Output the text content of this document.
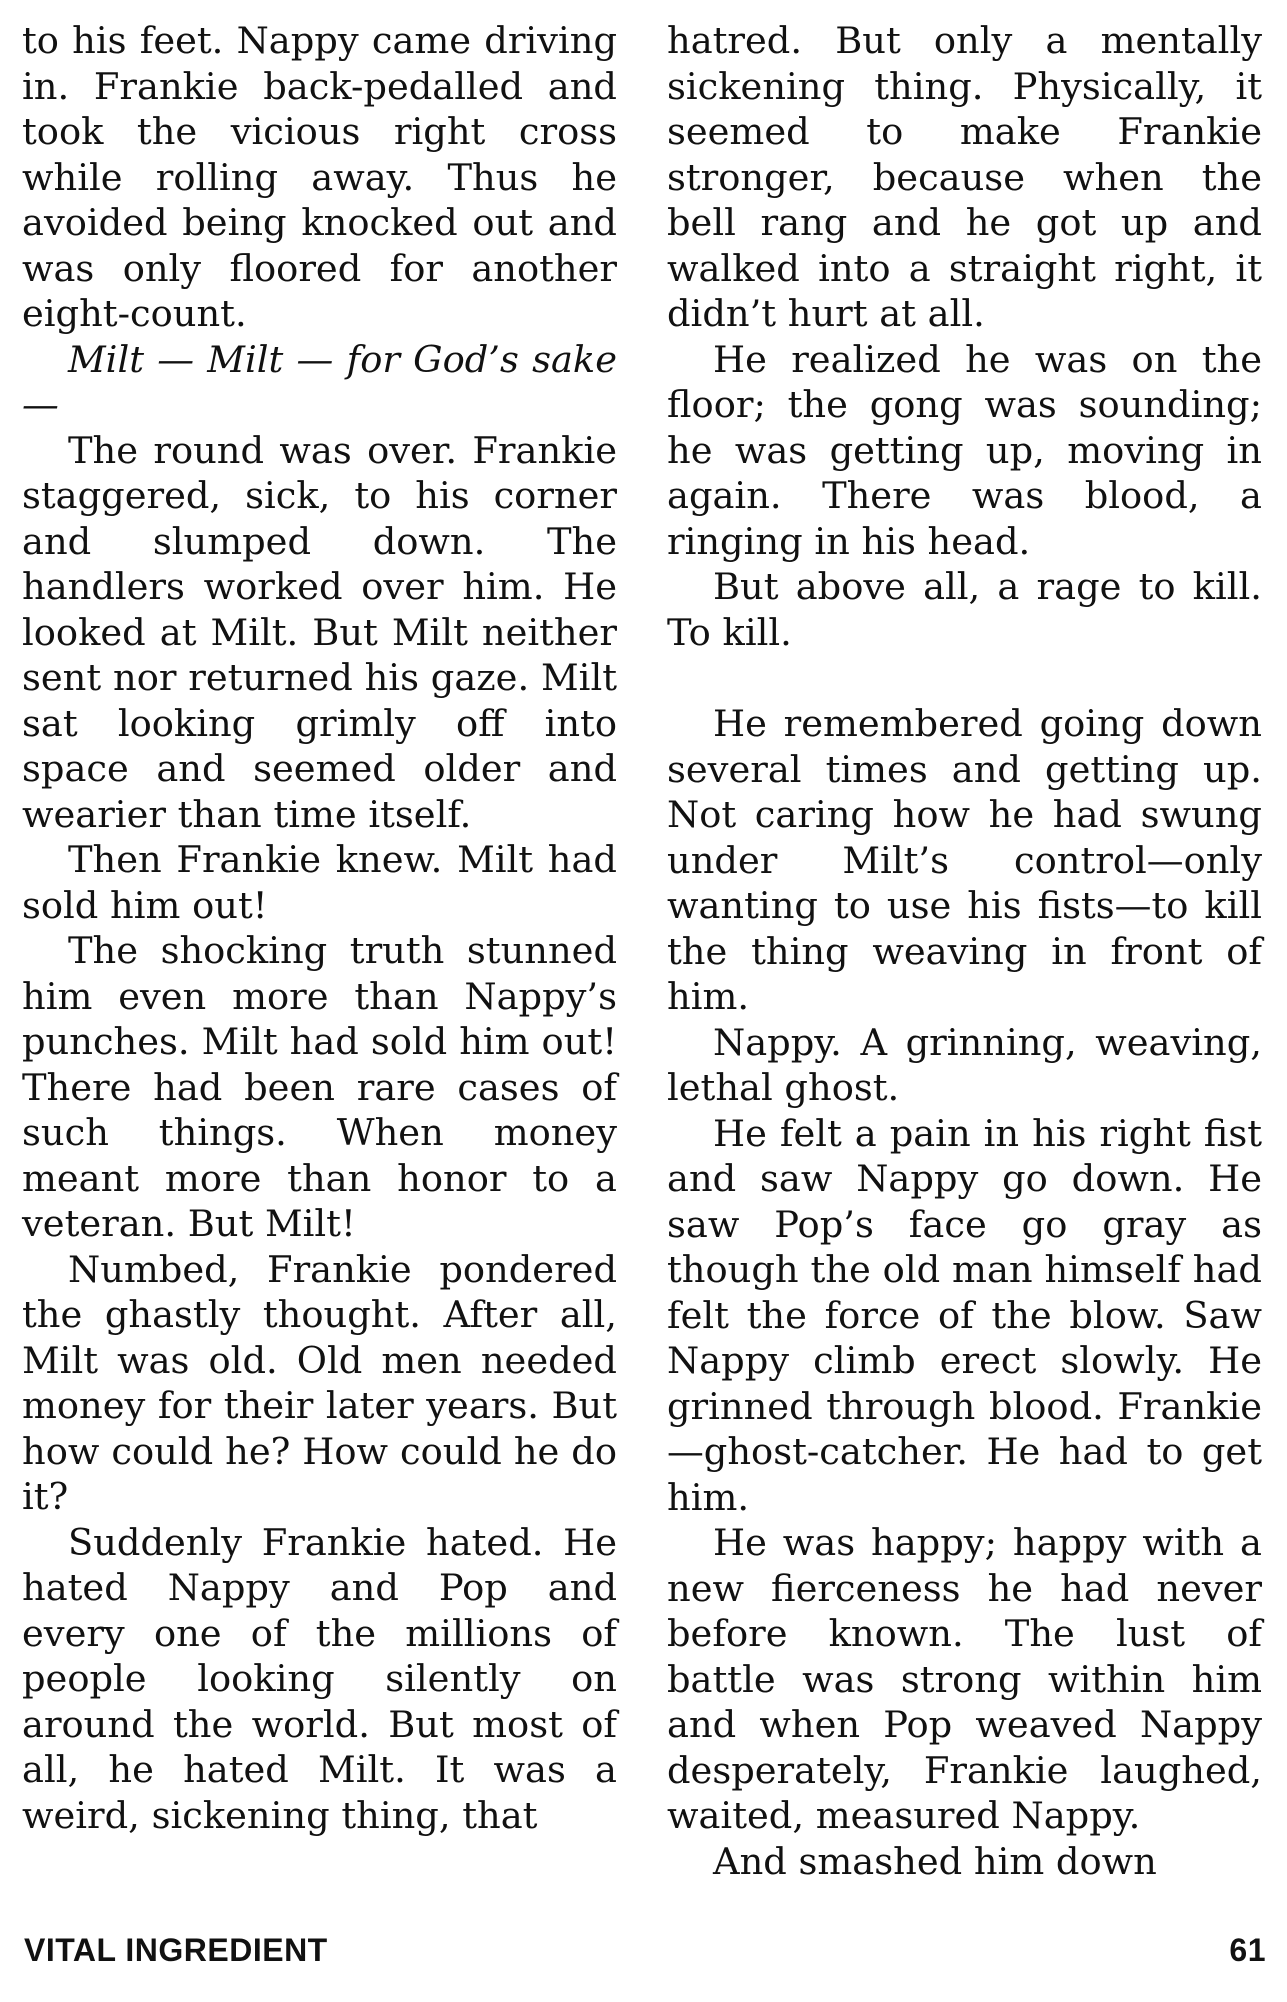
to his feet. Nappy came driving in. Frankie back-pedalled and took the vicious right cross while rolling away. Thus he avoided being knocked out and was only floored for another eight-count.

Milt — Milt — for God’s sake—

The round was over. Frankie staggered, sick, to his corner and slumped down. The handlers worked over him. He looked at Milt. But Milt neither sent nor returned his gaze. Milt sat looking grimly off into space and seemed older and wearier than time itself.

Then Frankie knew. Milt had sold him out!

The shocking truth stunned him even more than Nappy’s punches. Milt had sold him out! There had been rare cases of such things. When money meant more than honor to a veteran. But Milt!

Numbed, Frankie pondered the ghastly thought. After all, Milt was old. Old men needed money for their later years. But how could he? How could he do it?

Suddenly Frankie hated. He hated Nappy and Pop and every one of the millions of people looking silently on around the world. But most of all, he hated Milt. It was a weird, sickening thing, that

hatred. But only a mentally sickening thing. Physically, it seemed to make Frankie stronger, because when the bell rang and he got up and walked into a straight right, it didn’t hurt at all.

He realized he was on the floor; the gong was sounding; he was getting up, moving in again. There was blood, a ringing in his head.

But above all, a rage to kill. To kill.

He remembered going down several times and getting up. Not caring how he had swung under Milt’s control—only wanting to use his fists—to kill the thing weaving in front of him.

Nappy. A grinning, weaving, lethal ghost.

He felt a pain in his right fist and saw Nappy go down. He saw Pop’s face go gray as though the old man himself had felt the force of the blow. Saw Nappy climb erect slowly. He grinned through blood. Frankie—ghost-catcher. He had to get him.

He was happy; happy with a new fierceness he had never before known. The lust of battle was strong within him and when Pop weaved Nappy desperately, Frankie laughed, waited, measured Nappy.

And smashed him down

VITAL INGREDIENT	61
